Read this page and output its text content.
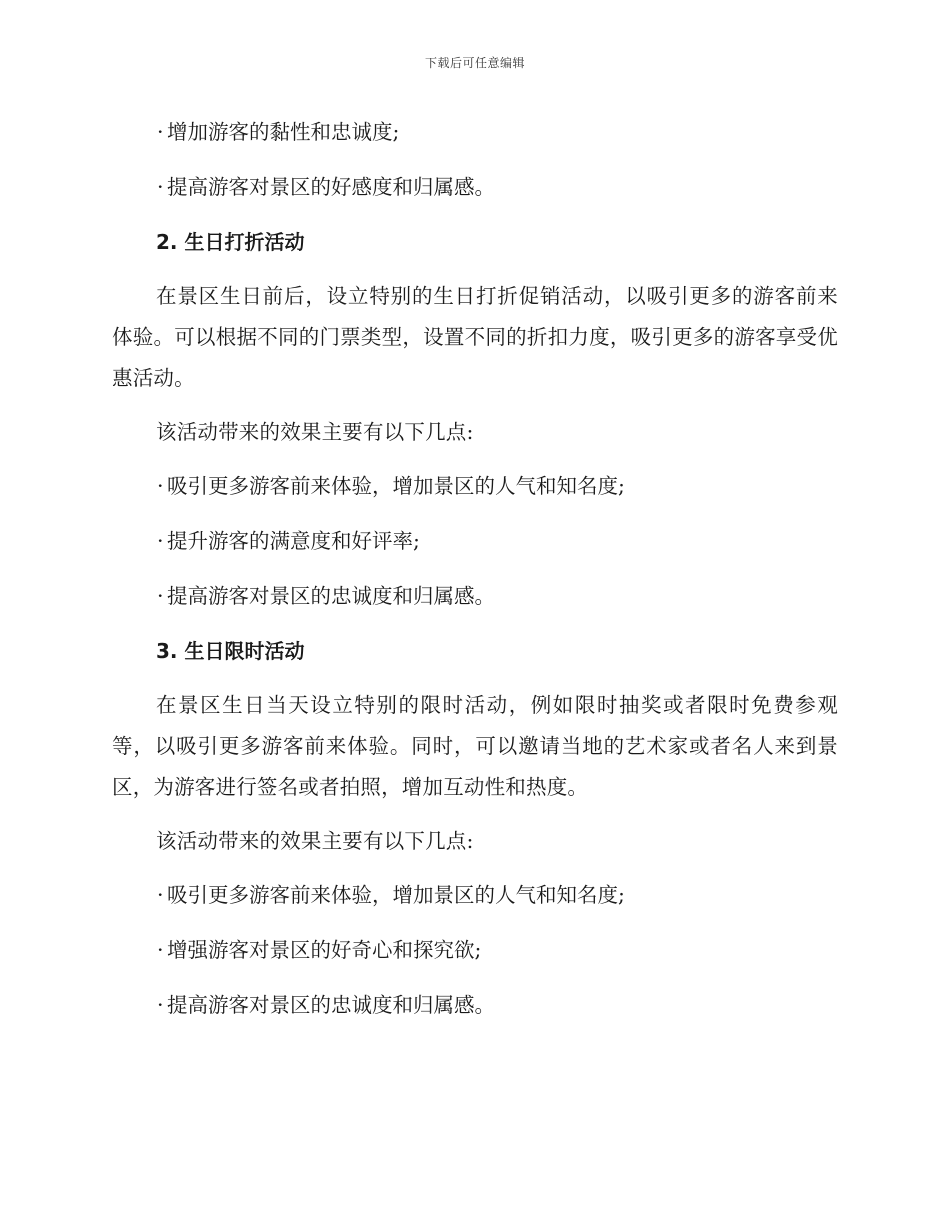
下载后可任意编辑

· 增加游客的黏性和忠诚度;

· 提高游客对景区的好感度和归属感。

2. 生日打折活动

在景区生日前后，设立特别的生日打折促销活动，以吸引更多的游客前来体验。可以根据不同的门票类型，设置不同的折扣力度，吸引更多的游客享受优惠活动。

该活动带来的效果主要有以下几点:

· 吸引更多游客前来体验，增加景区的人气和知名度;

· 提升游客的满意度和好评率;

· 提高游客对景区的忠诚度和归属感。

3. 生日限时活动

在景区生日当天设立特别的限时活动，例如限时抽奖或者限时免费参观等，以吸引更多游客前来体验。同时，可以邀请当地的艺术家或者名人来到景区，为游客进行签名或者拍照，增加互动性和热度。

该活动带来的效果主要有以下几点:

· 吸引更多游客前来体验，增加景区的人气和知名度;

· 增强游客对景区的好奇心和探究欲;

· 提高游客对景区的忠诚度和归属感。
